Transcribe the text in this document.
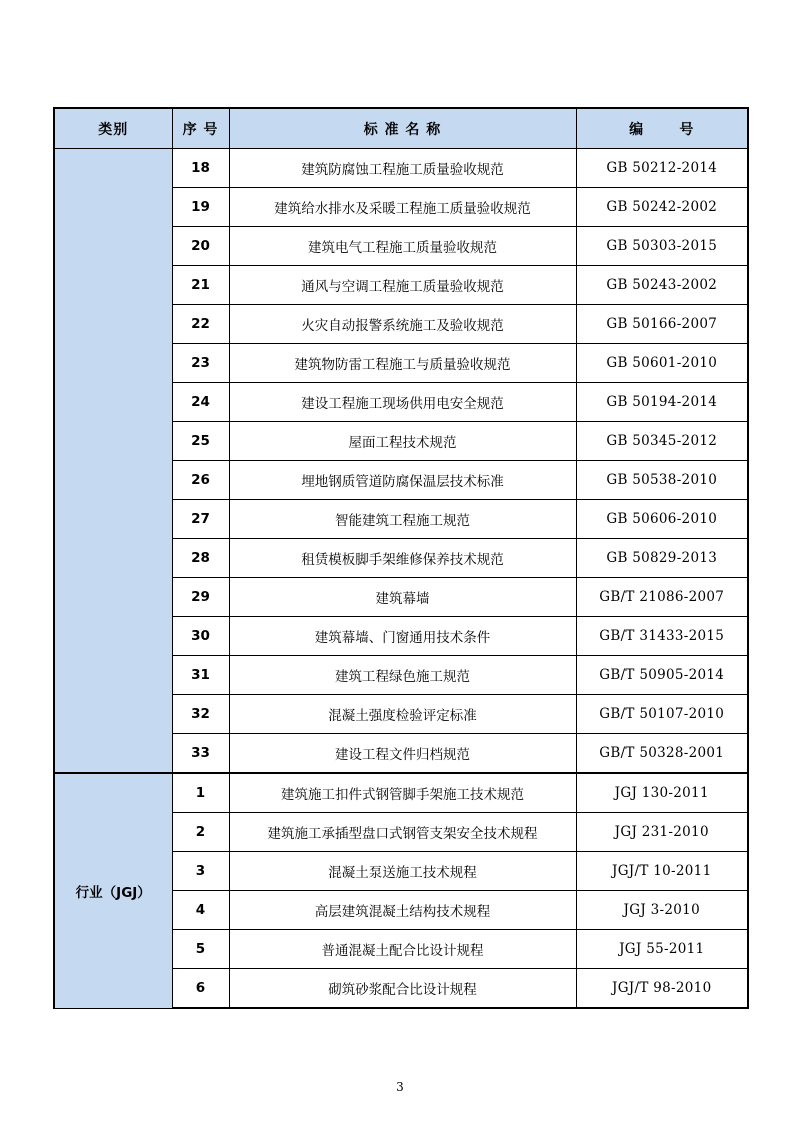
类别	序 号	标 准 名 称	编      号
	18	建筑防腐蚀工程施工质量验收规范	GB 50212-2014
	19	建筑给水排水及采暖工程施工质量验收规范	GB 50242-2002
	20	建筑电气工程施工质量验收规范	GB 50303-2015
	21	通风与空调工程施工质量验收规范	GB 50243-2002
	22	火灾自动报警系统施工及验收规范	GB 50166-2007
	23	建筑物防雷工程施工与质量验收规范	GB 50601-2010
	24	建设工程施工现场供用电安全规范	GB 50194-2014
	25	屋面工程技术规范	GB 50345-2012
	26	埋地钢质管道防腐保温层技术标准	GB 50538-2010
	27	智能建筑工程施工规范	GB 50606-2010
	28	租赁模板脚手架维修保养技术规范	GB 50829-2013
	29	建筑幕墙	GB/T 21086-2007
	30	建筑幕墙、门窗通用技术条件	GB/T 31433-2015
	31	建筑工程绿色施工规范	GB/T 50905-2014
	32	混凝土强度检验评定标准	GB/T 50107-2010
	33	建设工程文件归档规范	GB/T 50328-2001
行业（JGJ）	1	建筑施工扣件式钢管脚手架施工技术规范	JGJ 130-2011
	2	建筑施工承插型盘口式钢管支架安全技术规程	JGJ 231-2010
	3	混凝土泵送施工技术规程	JGJ/T 10-2011
	4	高层建筑混凝土结构技术规程	JGJ 3-2010
	5	普通混凝土配合比设计规程	JGJ 55-2011
	6	砌筑砂浆配合比设计规程	JGJ/T 98-2010
3
